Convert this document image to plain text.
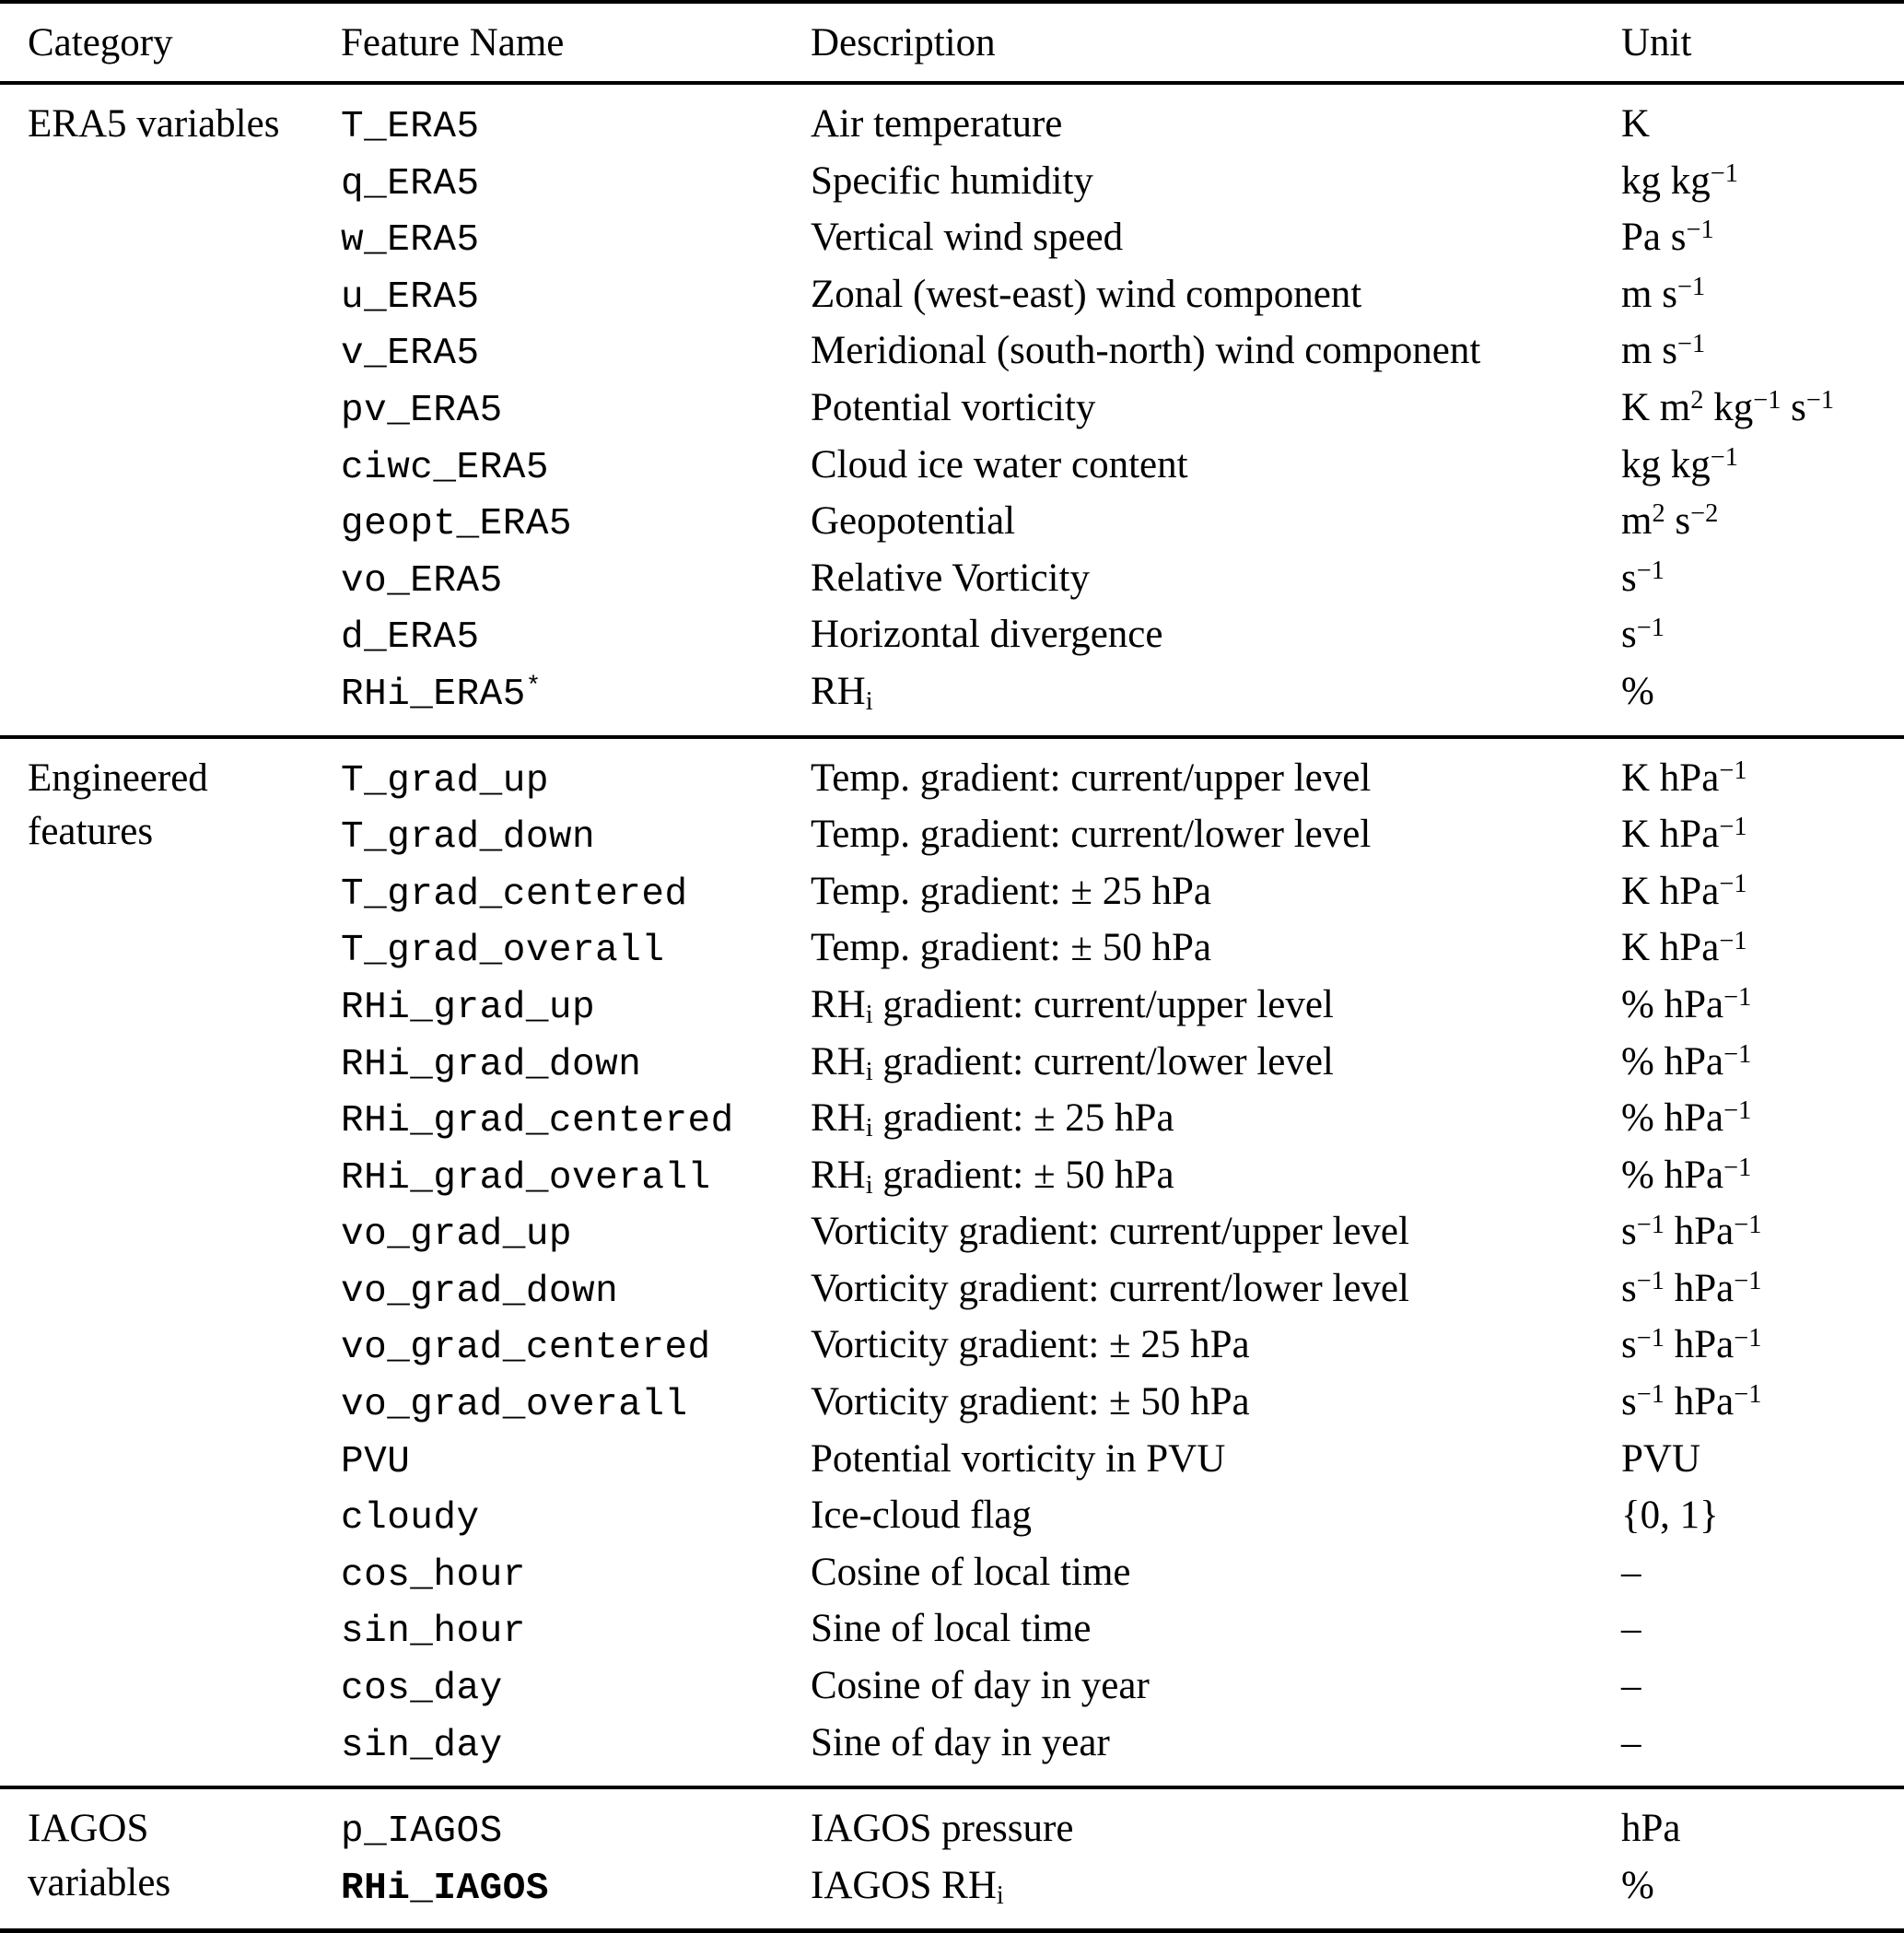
Category	Feature Name	Description	Unit
ERA5 variables	T_ERA5	Air temperature	K
	q_ERA5	Specific humidity	kg $kg^{-1}$
	w_ERA5	Vertical wind speed	Pa $s^{-1}$
	u_ERA5	Zonal (west-east) wind component	m $s^{-1}$
	v_ERA5	Meridional (south-north) wind component	m $s^{-1}$
	pv_ERA5	Potential vorticity	K $m^2$ $kg^{-1}$ $s^{-1}$
	ciwc_ERA5	Cloud ice water content	kg $kg^{-1}$
	geopt_ERA5	Geopotential	$m^2$ $s^{-2}$
	vo_ERA5	Relative Vorticity	$s^{-1}$
	d_ERA5	Horizontal divergence	$s^{-1}$
	RHi_ERA5*	$RH_i$	%
Engineered
features	T_grad_up	Temp. gradient: current/upper level	K hPa$^{-1}$
	T_grad_down	Temp. gradient: current/lower level	K hPa$^{-1}$
	T_grad_centered	Temp. gradient: ± 25 hPa	K hPa$^{-1}$
	T_grad_overall	Temp. gradient: ± 50 hPa	K hPa$^{-1}$
	RHi_grad_up	$RH_i$ gradient: current/upper level	% hPa$^{-1}$
	RHi_grad_down	$RH_i$ gradient: current/lower level	% hPa$^{-1}$
	RHi_grad_centered	$RH_i$ gradient: ± 25 hPa	% hPa$^{-1}$
	RHi_grad_overall	$RH_i$ gradient: ± 50 hPa	% hPa$^{-1}$
	vo_grad_up	Vorticity gradient: current/upper level	$s^{-1}$ hPa$^{-1}$
	vo_grad_down	Vorticity gradient: current/lower level	$s^{-1}$ hPa$^{-1}$
	vo_grad_centered	Vorticity gradient: ± 25 hPa	$s^{-1}$ hPa$^{-1}$
	vo_grad_overall	Vorticity gradient: ± 50 hPa	$s^{-1}$ hPa$^{-1}$
	PVU	Potential vorticity in PVU	PVU
	cloudy	Ice-cloud flag	{0, 1}
	cos_hour	Cosine of local time	–
	sin_hour	Sine of local time	–
	cos_day	Cosine of day in year	–
	sin_day	Sine of day in year	–
IAGOS
variables	p_IAGOS	IAGOS pressure	hPa
	RHi_IAGOS	IAGOS $RH_i$	%
